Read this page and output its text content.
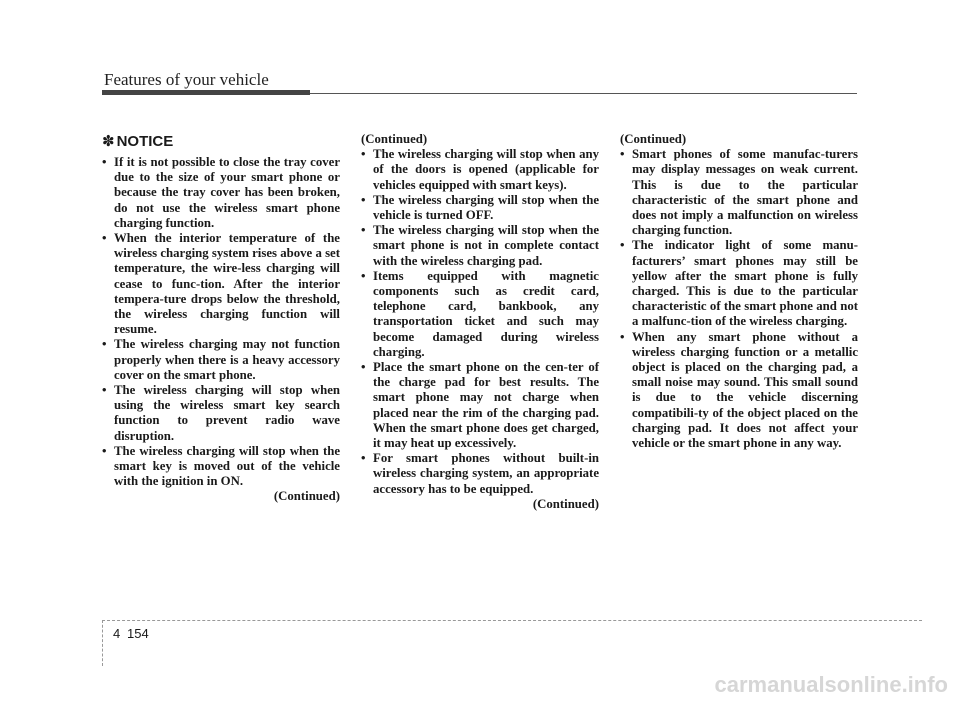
Features of your vehicle
✽ NOTICE
• If it is not possible to close the tray cover due to the size of your smart phone or because the tray cover has been broken, do not use the wireless smart phone charging function.
• When the interior temperature of the wireless charging system rises above a set temperature, the wire-less charging will cease to func-tion. After the interior tempera-ture drops below the threshold, the wireless charging function will resume.
• The wireless charging may not function properly when there is a heavy accessory cover on the smart phone.
• The wireless charging will stop when using the wireless smart key search function to prevent radio wave disruption.
• The wireless charging will stop when the smart key is moved out of the vehicle with the ignition in ON.
(Continued)
(Continued)
• The wireless charging will stop when any of the doors is opened (applicable for vehicles equipped with smart keys).
• The wireless charging will stop when the vehicle is turned OFF.
• The wireless charging will stop when the smart phone is not in complete contact with the wireless charging pad.
• Items equipped with magnetic components such as credit card, telephone card, bankbook, any transportation ticket and such may become damaged during wireless charging.
• Place the smart phone on the cen-ter of the charge pad for best results. The smart phone may not charge when placed near the rim of the charging pad. When the smart phone does get charged, it may heat up excessively.
• For smart phones without built-in wireless charging system, an appropriate accessory has to be equipped.
(Continued)
(Continued)
• Smart phones of some manufac-turers may display messages on weak current. This is due to the particular characteristic of the smart phone and does not imply a malfunction on wireless charging function.
• The indicator light of some manu-facturers’ smart phones may still be yellow after the smart phone is fully charged. This is due to the particular characteristic of the smart phone and not a malfunc-tion of the wireless charging.
• When any smart phone without a wireless charging function or a metallic object is placed on the charging pad, a small noise may sound. This small sound is due to the vehicle discerning compatibili-ty of the object placed on the charging pad. It does not affect your vehicle or the smart phone in any way.
4 154
carmanualsonline.info
